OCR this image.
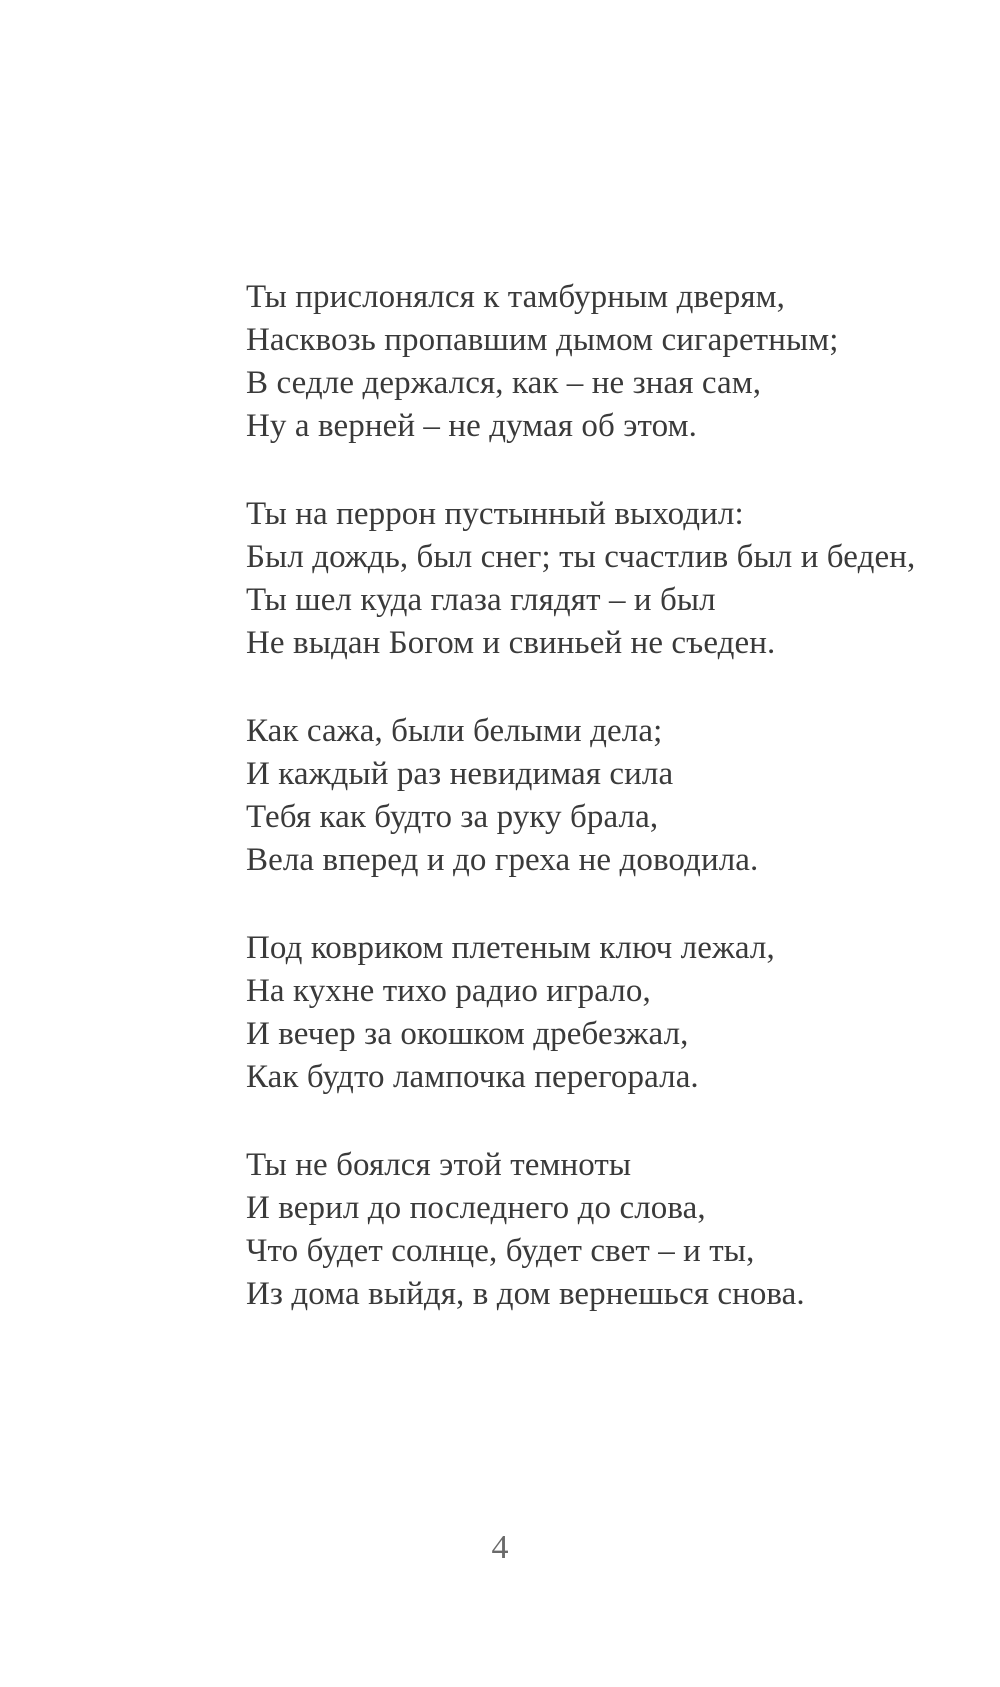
Ты прислонялся к тамбурным дверям,
Насквозь пропавшим дымом сигаретным;
В седле держался, как – не зная сам,
Ну а верней – не думая об этом.
Ты на перрон пустынный выходил:
Был дождь, был снег; ты счастлив был и беден,
Ты шел куда глаза глядят – и был
Не выдан Богом и свиньей не съеден.
Как сажа, были белыми дела;
И каждый раз невидимая сила
Тебя как будто за руку брала,
Вела вперед и до греха не доводила.
Под ковриком плетеным ключ лежал,
На кухне тихо радио играло,
И вечер за окошком дребезжал,
Как будто лампочка перегорала.
Ты не боялся этой темноты
И верил до последнего до слова,
Что будет солнце, будет свет – и ты,
Из дома выйдя, в дом вернешься снова.
4
